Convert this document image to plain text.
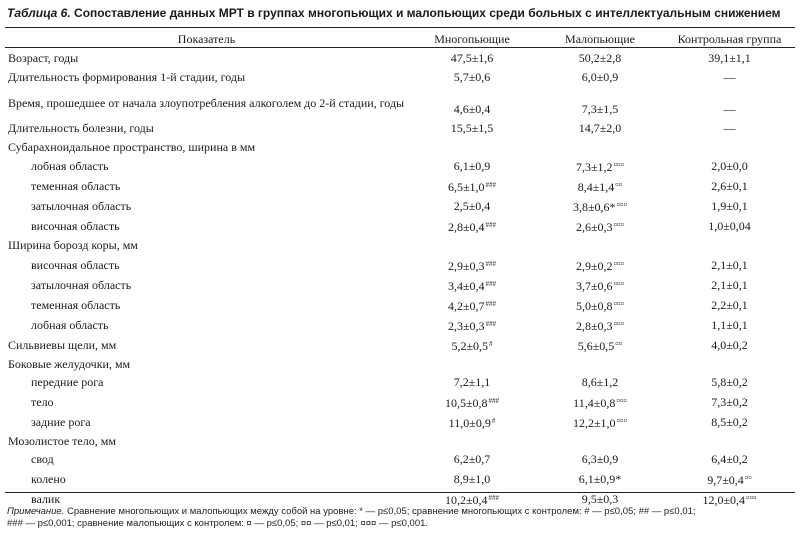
Таблица 6. Сопоставление данных МРТ в группах многопьющих и малопьющих среди больных с интеллектуальным снижением
Показатель	Многопьющие	Малопьющие	Контрольная группа
Возраст, годы	47,5±1,6	50,2±2,8	39,1±1,1
Длительность формирования 1-й стадии, годы	5,7±0,6	6,0±0,9	—
Время, прошедшее от начала злоупотребления алкоголем до 2-й стадии, годы	4,6±0,4	7,3±1,5	—
Длительность болезни, годы	15,5±1,5	14,7±2,0	—
Субарахноидальное пространство, ширина в мм			
лобная область	6,1±0,9	7,3±1,2¤¤¤	2,0±0,0
теменная область	6,5±1,0###	8,4±1,4¤¤	2,6±0,1
затылочная область	2,5±0,4	3,8±0,6*¤¤¤	1,9±0,1
височная область	2,8±0,4###	2,6±0,3¤¤¤	1,0±0,04
Ширина борозд коры, мм			
височная область	2,9±0,3###	2,9±0,2¤¤¤	2,1±0,1
затылочная область	3,4±0,4###	3,7±0,6¤¤¤	2,1±0,1
теменная область	4,2±0,7###	5,0±0,8¤¤¤	2,2±0,1
лобная область	2,3±0,3###	2,8±0,3¤¤¤	1,1±0,1
Сильвиевы щели, мм	5,2±0,5#	5,6±0,5¤¤	4,0±0,2
Боковые желудочки, мм			
передние рога	7,2±1,1	8,6±1,2	5,8±0,2
тело	10,5±0,8###	11,4±0,8¤¤¤	7,3±0,2
задние рога	11,0±0,9#	12,2±1,0¤¤¤	8,5±0,2
Мозолистое тело, мм			
свод	6,2±0,7	6,3±0,9	6,4±0,2
колено	8,9±1,0	6,1±0,9*	9,7±0,4¤¤
валик	10,2±0,4###	9,5±0,3	12,0±0,4¤¤¤
Примечание. Сравнение многопьющих и малопьющих между собой на уровне: * — p≤0,05; сравнение многопьющих с контролем: # — p≤0,05; ## — p≤0,01;
### — p≤0,001; сравнение малопьющих с контролем: ¤ — p≤0,05; ¤¤ — p≤0,01; ¤¤¤ — p≤0,001.
